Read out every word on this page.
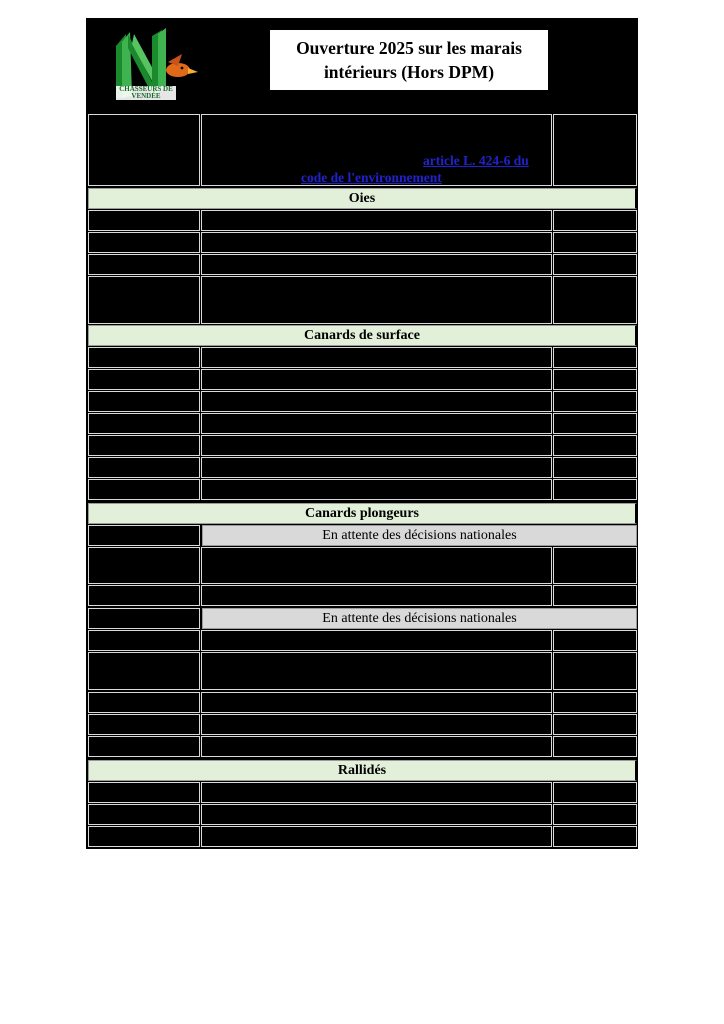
CHASSEURS DE
VENDÉE
Ouverture 2025 sur les marais
intérieurs (Hors DPM)
article L. 424-6 du
code de l'environnement
Oies
Canards de surface
Canards plongeurs
En attente des décisions nationales
En attente des décisions nationales
Rallidés
